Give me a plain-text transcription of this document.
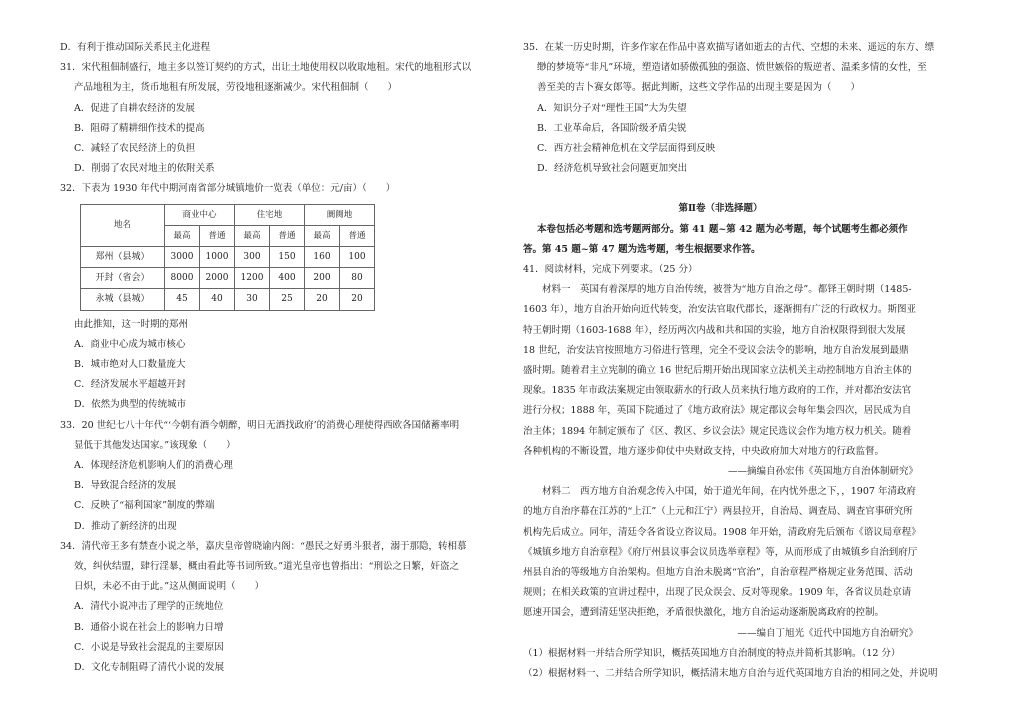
D．有利于推动国际关系民主化进程
31．宋代租佃制盛行，地主多以签订契约的方式，出让土地使用权以收取地租。宋代的地租形式以
产品地租为主，货币地租有所发展，劳役地租逐渐减少。宋代租佃制（　　）
A．促进了自耕农经济的发展
B．阻碍了精耕细作技术的提高
C．减轻了农民经济上的负担
D．削弱了农民对地主的依附关系
32．下表为 1930 年代中期河南省部分城镇地价一览表（单位：元/亩）（　　）
地名	商业中心		住宅地		阛阓地	
	最高	普通	最高	普通	最高	普通
郑州（县城）	3000	1000	300	150	160	100
开封（省会）	8000	2000	1200	400	200	80
永城（县城）	45	40	30	25	20	20
由此推知，这一时期的郑州
A．商业中心成为城市核心
B．城市绝对人口数量庞大
C．经济发展水平超越开封
D．依然为典型的传统城市
33．20 世纪七八十年代“‘今朝有酒今朝醉，明日无酒找政府’的消费心理使得西欧各国储蓄率明
显低于其他发达国家。”该现象（　　）
A．体现经济危机影响人们的消费心理
B．导致混合经济的发展
C．反映了“福利国家”制度的弊端
D．推动了新经济的出现
34．清代帝王多有禁查小说之举，嘉庆皇帝曾晓谕内阁：“愚民之好勇斗狠者，溺于那隐，转相慕
效，纠伙结盟，肆行淫暴，概由看此等书词所致。”道光皇帝也曾指出：“刑讼之日繁，奸盗之
日炽，未必不由于此。”这从侧面说明（　　）
A．清代小说冲击了理学的正统地位
B．通俗小说在社会上的影响力日增
C．小说是导致社会混乱的主要原因
D．文化专制阻碍了清代小说的发展
35．在某一历史时期，许多作家在作品中喜欢描写诸如逝去的古代、空想的未来、遥远的东方、缥
缈的梦境等“非凡”环境，塑造诸如骄傲孤独的强盗、愤世嫉俗的叛逆者、温柔多情的女性，至
善至美的吉卜赛女郎等。据此判断，这些文学作品的出现主要是因为（　　）
A．知识分子对“理性王国”大为失望
B．工业革命后，各国阶级矛盾尖锐
C．西方社会精神危机在文学层面得到反映
D．经济危机导致社会问题更加突出
第Ⅱ卷（非选择题）
本卷包括必考题和选考题两部分。第 41 题~第 42 题为必考题，每个试题考生都必须作
答。第 45 题~第 47 题为选考题，考生根据要求作答。
41．阅读材料，完成下列要求。（25 分）
材料一　英国有着深厚的地方自治传统，被誉为“地方自治之母”。都铎王朝时期（1485-1603 年），地方自治开始向近代转变，治安法官取代郡长，逐渐拥有广泛的行政权力。斯图亚特王朝时期（1603-1688 年），经历两次内战和共和国的实验，地方自治权限得到很大发展 18 世纪，治安法官按照地方习俗进行管理，完全不受议会法令的影响，地方自治发展到最鼎盛时期。随着君主立宪制的确立 16 世纪后期开始出现国家立法机关主动控制地方自治主体的现象。1835 年市政法案规定由领取薪水的行政人员来执行地方政府的工作，并对都治安法官进行分权；1888 年，英国下院通过了《地方政府法》规定郡议会每年集会四次，居民成为自治主体；1894 年制定颁布了《区、教区、乡议会法》规定民选议会作为地方权力机关。随着各种机构的不断设置，地方逐步仰仗中央财政支持，中央政府加大对地方的行政监督。
——摘编自孙宏伟《英国地方自治体制研究》
材料二　西方地方自治观念传入中国，始于道光年间，在内忧外患之下，，1907 年清政府的地方自治序幕在江苏的“上江”（上元和江宁）两县拉开，自治局、调查局、调查官事研究所机构先后成立。同年，清廷令各省设立咨议局。1908 年开始，清政府先后颁布《谘议局章程》《城镇乡地方自治章程》《府厅州县议事会议员选举章程》等，从而形成了由城镇乡自治到府厅州县自治的等级地方自治架构。但地方自治未脱离“官治”，自治章程严格规定业务范围、活动规则；在相关政策的宣讲过程中，出现了民众误会、反对等现象。1909 年，各省议员赴京请愿速开国会，遭到清廷坚决拒绝，矛盾很快激化，地方自治运动逐渐脱离政府的控制。
——编自丁旭光《近代中国地方自治研究》
（1）根据材料一并结合所学知识，概括英国地方自治制度的特点并简析其影响。（12 分）
（2）根据材料一、二并结合所学知识，概括清末地方自治与近代英国地方自治的相同之处，并说明
